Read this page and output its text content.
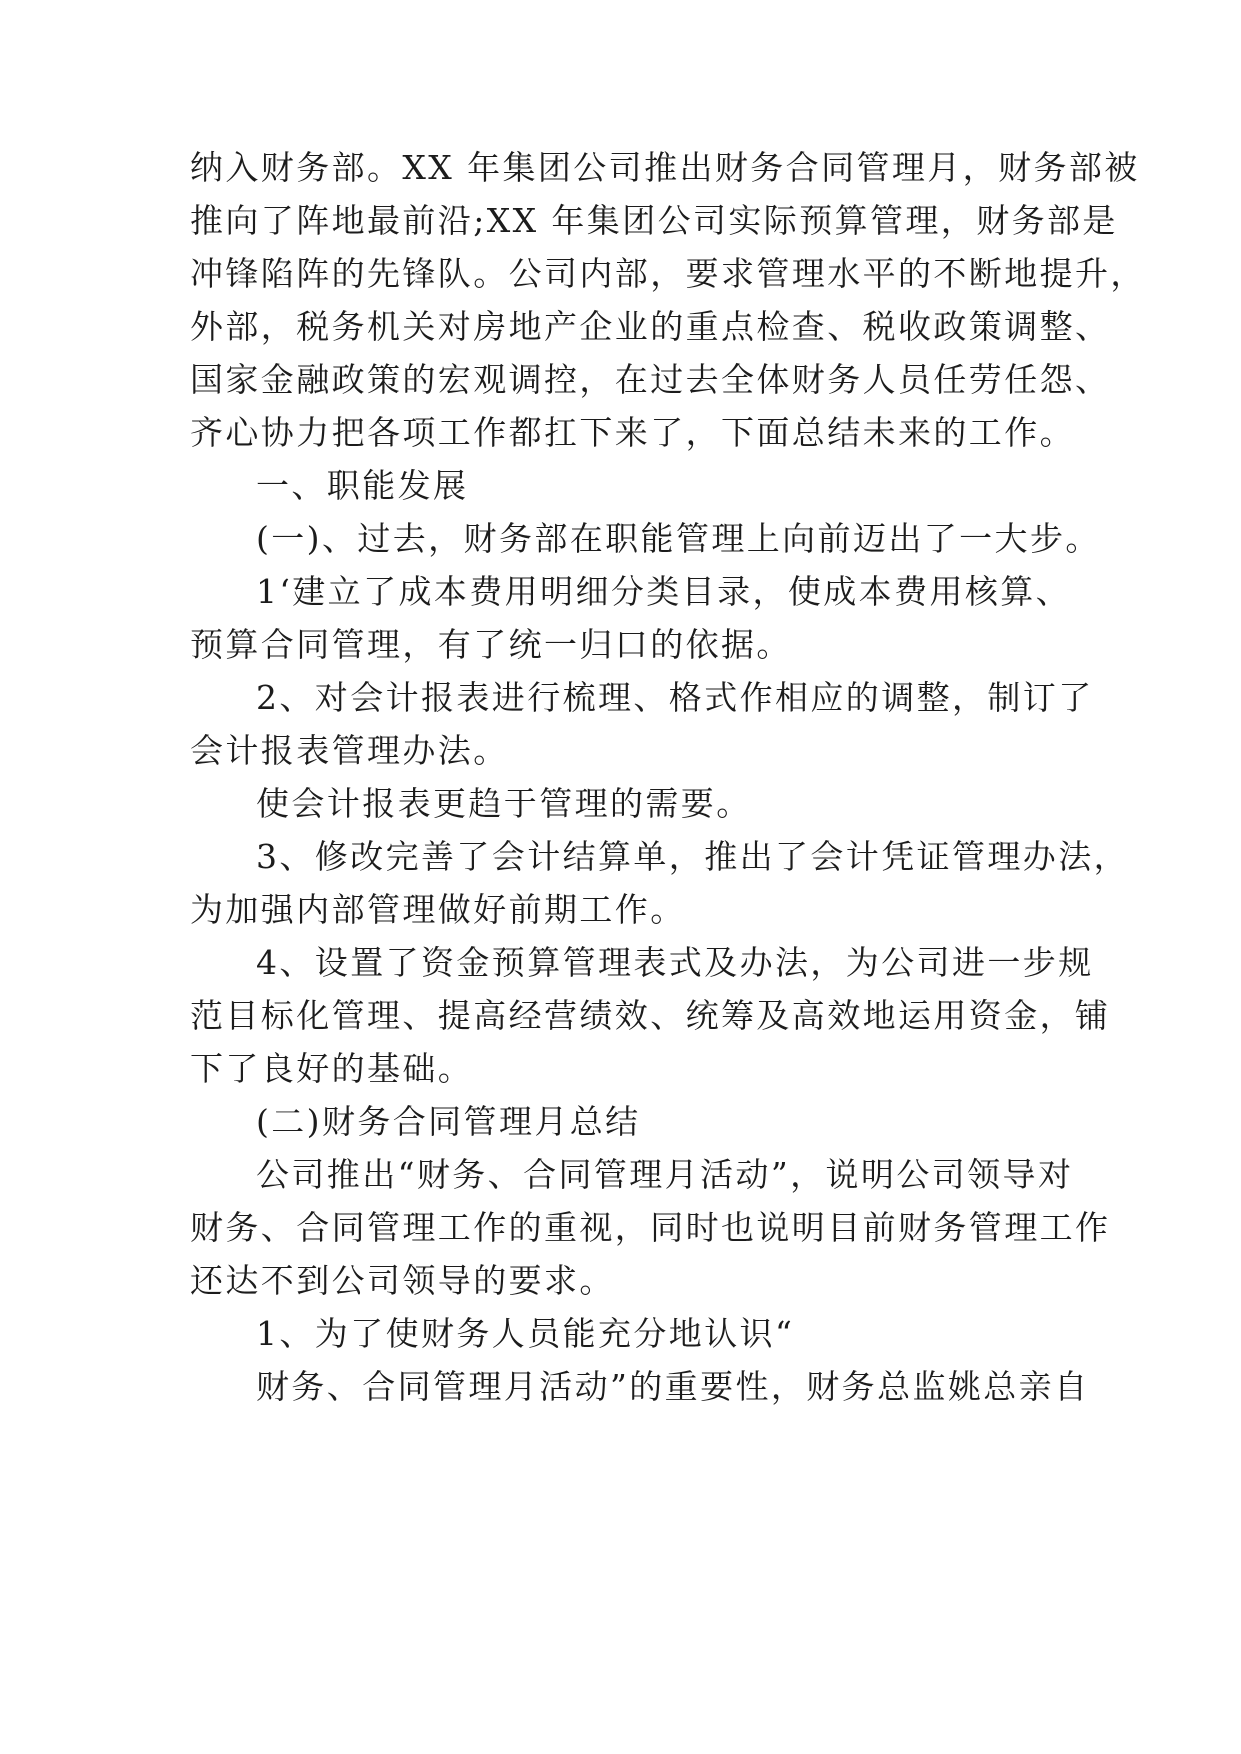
纳入财务部。XX 年集团公司推出财务合同管理月，财务部被
推向了阵地最前沿;XX 年集团公司实际预算管理，财务部是
冲锋陷阵的先锋队。公司内部，要求管理水平的不断地提升，
外部，税务机关对房地产企业的重点检查、税收政策调整、
国家金融政策的宏观调控，在过去全体财务人员任劳任怨、
齐心协力把各项工作都扛下来了，下面总结未来的工作。
一、职能发展
(一)、过去，财务部在职能管理上向前迈出了一大步。
1‘建立了成本费用明细分类目录，使成本费用核算、
预算合同管理，有了统一归口的依据。
2、对会计报表进行梳理、格式作相应的调整，制订了
会计报表管理办法。
使会计报表更趋于管理的需要。
3、修改完善了会计结算单，推出了会计凭证管理办法，
为加强内部管理做好前期工作。
4、设置了资金预算管理表式及办法，为公司进一步规
范目标化管理、提高经营绩效、统筹及高效地运用资金，铺
下了良好的基础。
(二)财务合同管理月总结
公司推出“财务、合同管理月活动”，说明公司领导对
财务、合同管理工作的重视，同时也说明目前财务管理工作
还达不到公司领导的要求。
1、为了使财务人员能充分地认识“
财务、合同管理月活动”的重要性，财务总监姚总亲自
